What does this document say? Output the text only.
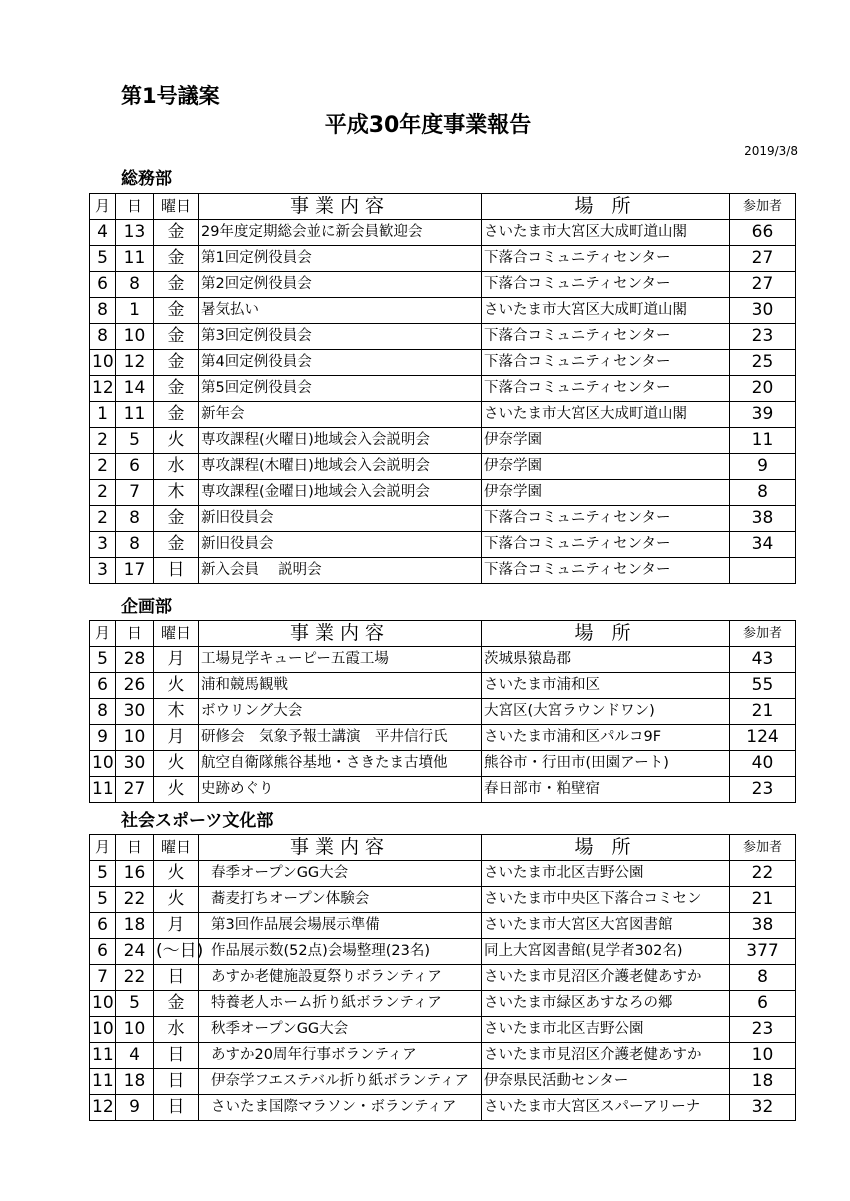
第1号議案
平成30年度事業報告
2019/3/8
総務部
月	日	曜日	事業内容	場 所	参加者
4	13	金	29年度定期総会並に新会員歓迎会	さいたま市大宮区大成町道山閣	66
5	11	金	第1回定例役員会	下落合コミュニティセンター	27
6	8	金	第2回定例役員会	下落合コミュニティセンター	27
8	1	金	暑気払い	さいたま市大宮区大成町道山閣	30
8	10	金	第3回定例役員会	下落合コミュニティセンター	23
10	12	金	第4回定例役員会	下落合コミュニティセンター	25
12	14	金	第5回定例役員会	下落合コミュニティセンター	20
1	11	金	新年会	さいたま市大宮区大成町道山閣	39
2	5	火	専攻課程(火曜日)地域会入会説明会	伊奈学園	11
2	6	水	専攻課程(木曜日)地域会入会説明会	伊奈学園	9
2	7	木	専攻課程(金曜日)地域会入会説明会	伊奈学園	8
2	8	金	新旧役員会	下落合コミュニティセンター	38
3	8	金	新旧役員会	下落合コミュニティセンター	34
3	17	日	新入会員　 説明会	下落合コミュニティセンター	
企画部
月	日	曜日	事業内容	場 所	参加者
5	28	月	工場見学キューピー五霞工場	茨城県猿島郡	43
6	26	火	浦和競馬観戦	さいたま市浦和区	55
8	30	木	ボウリング大会	大宮区(大宮ラウンドワン)	21
9	10	月	研修会　気象予報士講演　平井信行氏	さいたま市浦和区パルコ9F	124
10	30	火	航空自衛隊熊谷基地・さきたま古墳他	熊谷市・行田市(田園アート)	40
11	27	火	史跡めぐり	春日部市・粕壁宿	23
社会スポーツ文化部
月	日	曜日	事業内容	場 所	参加者
5	16	火	春季オープンGG大会	さいたま市北区吉野公園	22
5	22	火	蕎麦打ちオープン体験会	さいたま市中央区下落合コミセン	21
6	18	月	第3回作品展会場展示準備	さいたま市大宮区大宮図書館	38
6	24	(～日)	作品展示数(52点)会場整理(23名)	同上大宮図書館(見学者302名)	377
7	22	日	あすか老健施設夏祭りボランティア	さいたま市見沼区介護老健あすか	8
10	5	金	特養老人ホーム折り紙ボランティア	さいたま市緑区あすなろの郷	6
10	10	水	秋季オープンGG大会	さいたま市北区吉野公園	23
11	4	日	あすか20周年行事ボランティア	さいたま市見沼区介護老健あすか	10
11	18	日	伊奈学フエステバル折り紙ボランティア	伊奈県民活動センター	18
12	9	日	さいたま国際マラソン・ボランティア	さいたま市大宮区スパーアリーナ	32
